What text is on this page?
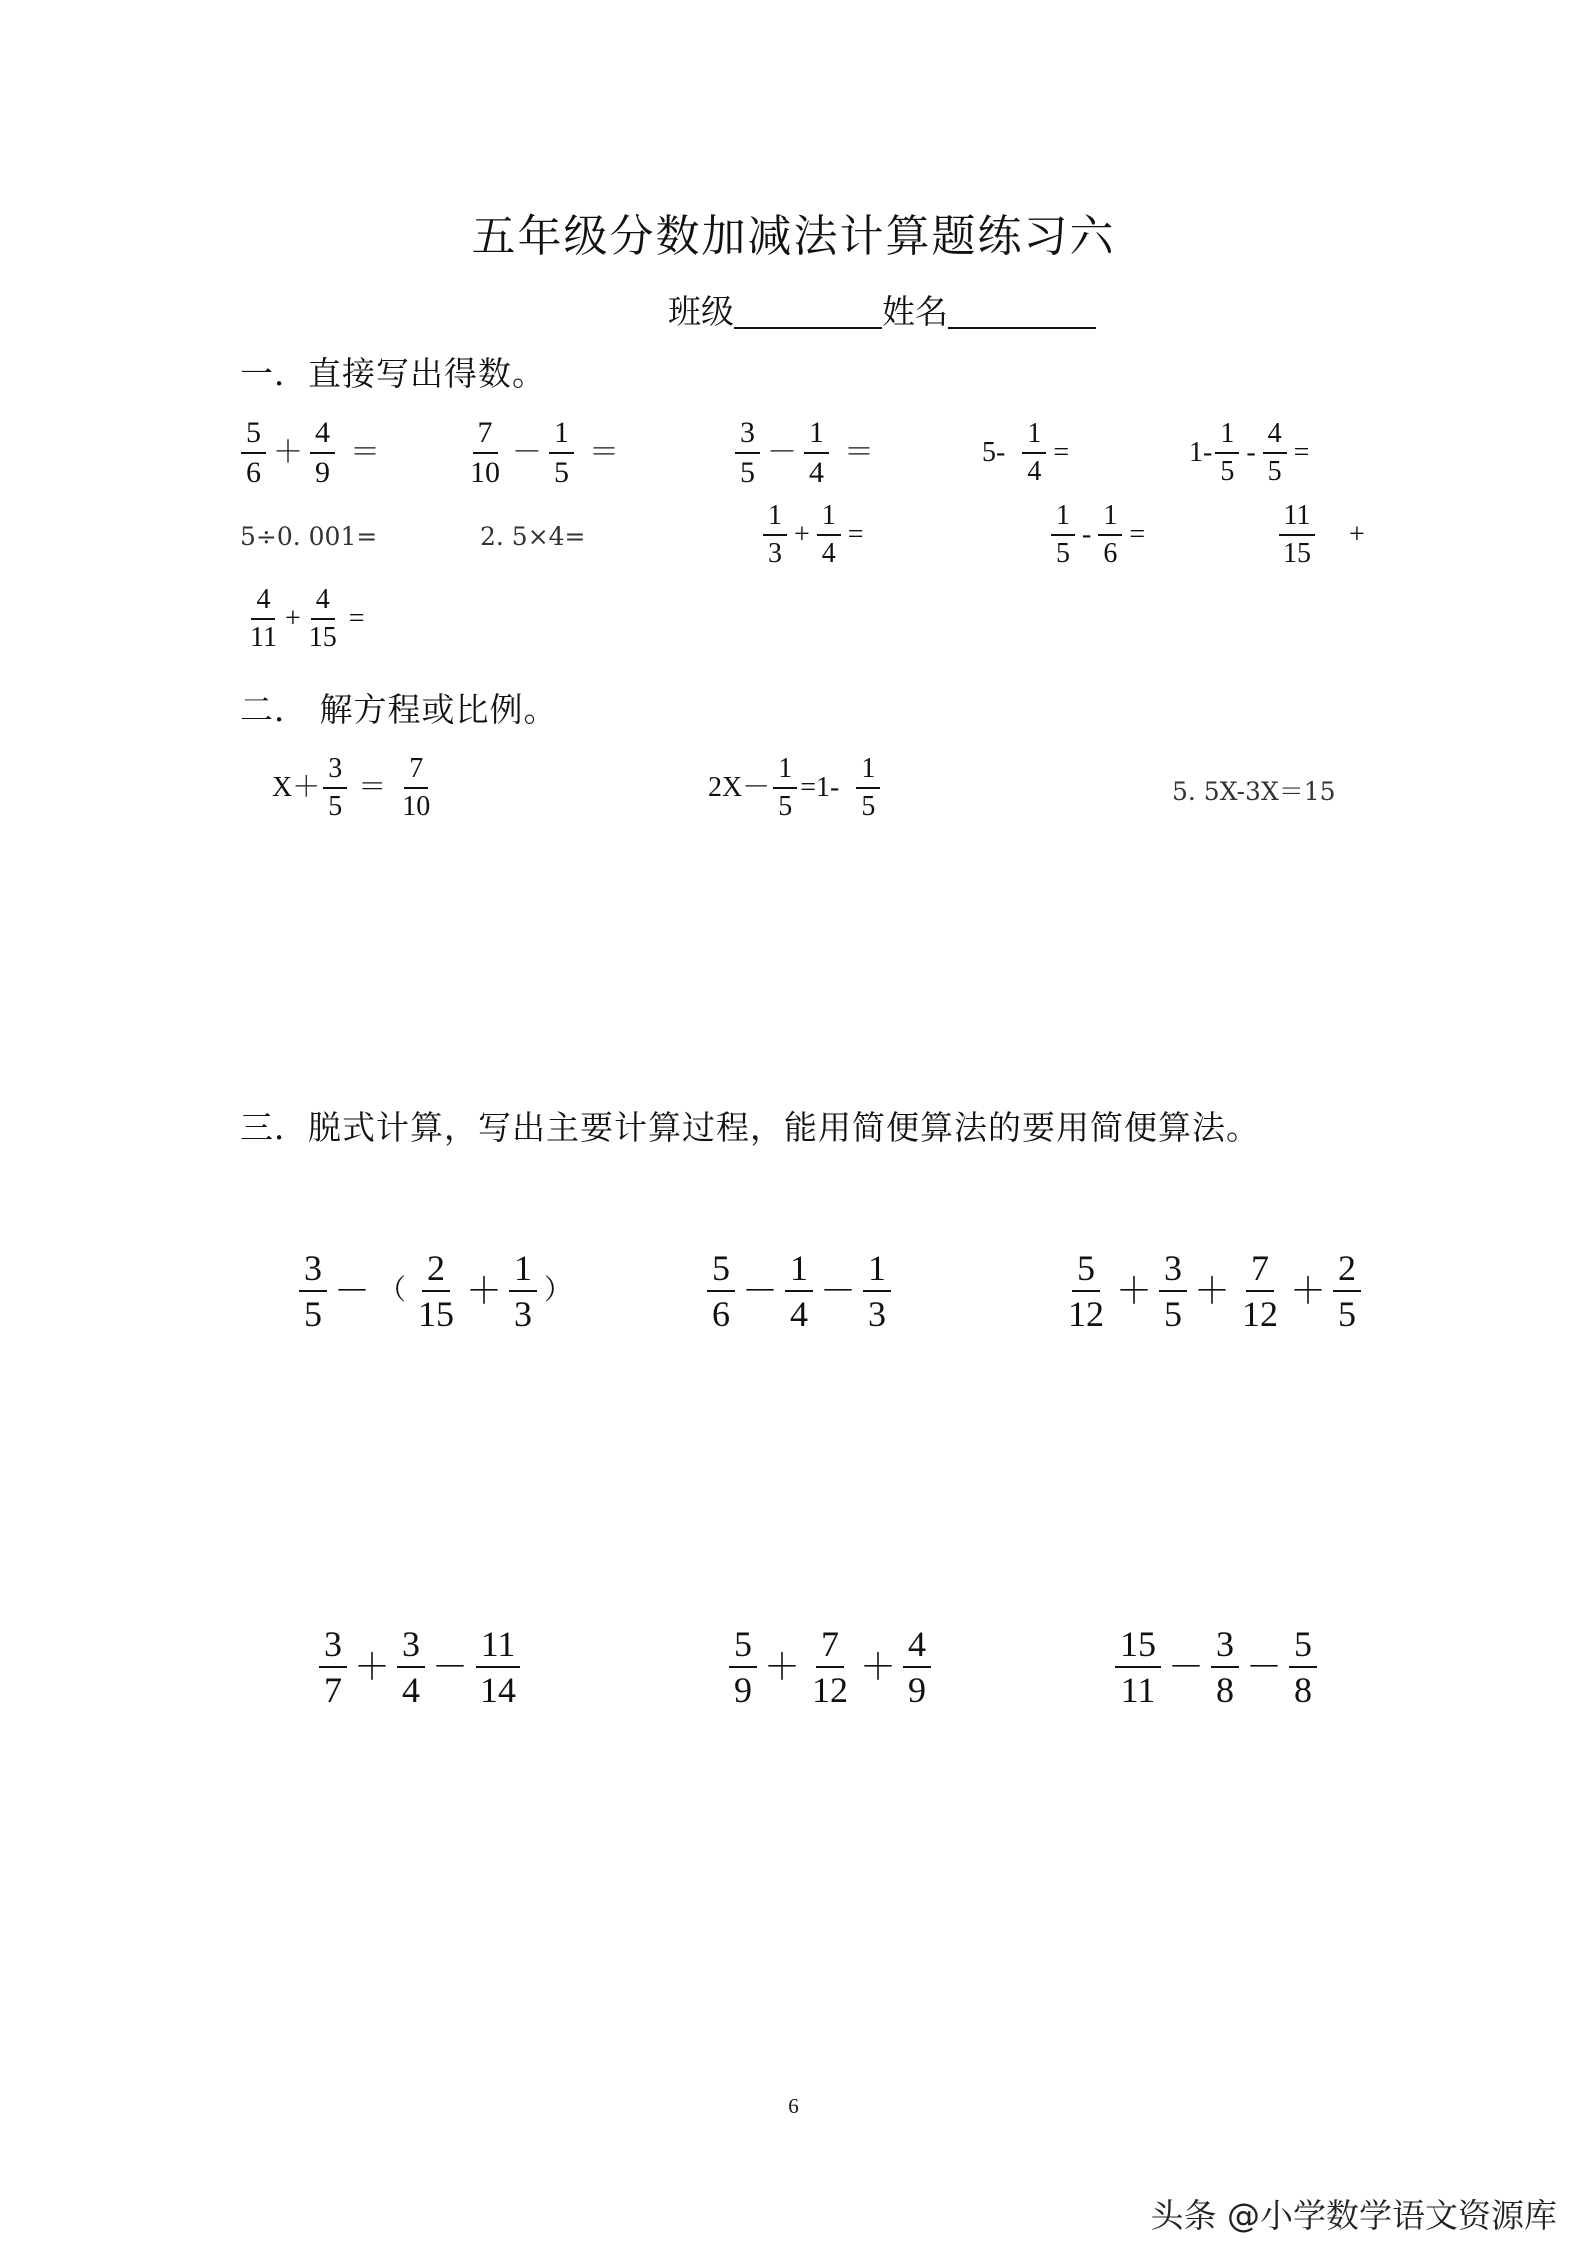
五年级分数加减法计算题练习六
班级	姓名
一．直接写出得数。
$\frac{5}{6} + \frac{4}{9}$ ＝	$\frac{7}{10} - \frac{1}{5}$ ＝	$\frac{3}{5} - \frac{1}{4}$ ＝	$5- \frac{1}{4}$ =	$1- \frac{1}{5} - \frac{4}{5}$ =
5÷0. 001=	2. 5×4=	$\frac{1}{3} + \frac{1}{4}$ =	$\frac{1}{5} - \frac{1}{6}$ =	$\frac{11}{15}$	+
$\frac{4}{11} + \frac{4}{15}$ =
二． 解方程或比例。
$X+ \frac{3}{5} = \frac{7}{10}$	$2X- \frac{1}{5} =1- \frac{1}{5}$	5. 5X-3X＝15
三．脱式计算，写出主要计算过程，能用简便算法的要用简便算法。
$\frac{3}{5}$ － （ $\frac{2}{15} + \frac{1}{3}$ ）	$\frac{5}{6} - \frac{1}{4} - \frac{1}{3}$	$\frac{5}{12} + \frac{3}{5} + \frac{7}{12} + \frac{2}{5}$
$\frac{3}{7} + \frac{3}{4} - \frac{11}{14}$	$\frac{5}{9} + \frac{7}{12} + \frac{4}{9}$	$\frac{15}{11} - \frac{3}{8} - \frac{5}{8}$
6
头条 @小学数学语文资源库
